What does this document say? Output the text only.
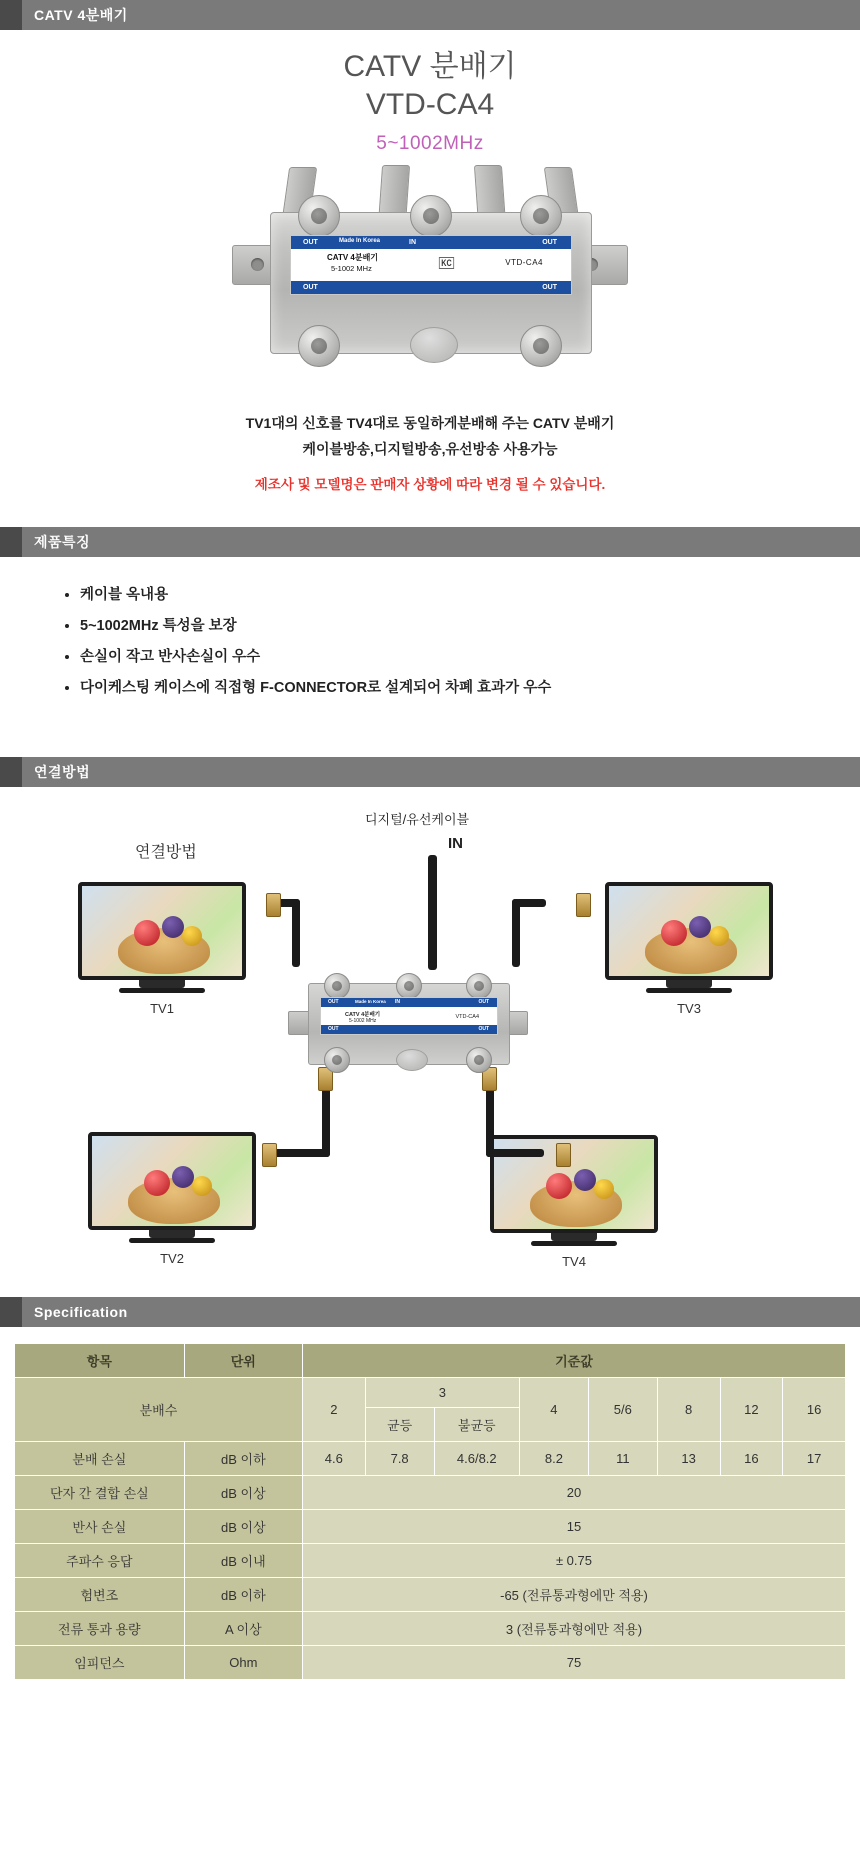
CATV 4분배기
CATV 분배기
VTD-CA4
5~1002MHz
OUT	IN	OUT
Made In Korea
CATV 4분배기
5-1002 MHz
KC	VTD-CA4
OUT	OUT

TV1대의 신호를 TV4대로 동일하게분배해 주는 CATV 분배기

케이블방송,디지털방송,유선방송 사용가능

제조사 및 모델명은 판매자 상황에 따라 변경 될 수 있습니다.

제품특징
• 케이블 옥내용
• 5~1002MHz 특성을 보장
• 손실이 작고 반사손실이 우수
• 다이케스팅 케이스에 직접형 F-CONNECTOR로 설계되어 차폐 효과가 우수
연결방법
디지털/유선케이블
IN
연결방법
TV1	TV3
TV2	TV4
OUT	IN	OUT
Made In Korea
CATV 4분배기
5-1002 MHz
VTD-CA4
OUT	OUT
Specification
항목	단위	기준값							
분배수		2	3		4	5/6	8	12	16
			균등	불균등					
분배 손실	dB 이하	4.6	7.8	4.6/8.2	8.2	11	13	16	17
단자 간 결합 손실	dB 이상	20							
반사 손실	dB 이상	15							
주파수 응답	dB 이내	± 0.75							
험변조	dB 이하	-65 (전류통과형에만 적용)							
전류 통과 용량	A 이상	3 (전류통과형에만 적용)							
임피던스	Ohm	75							
